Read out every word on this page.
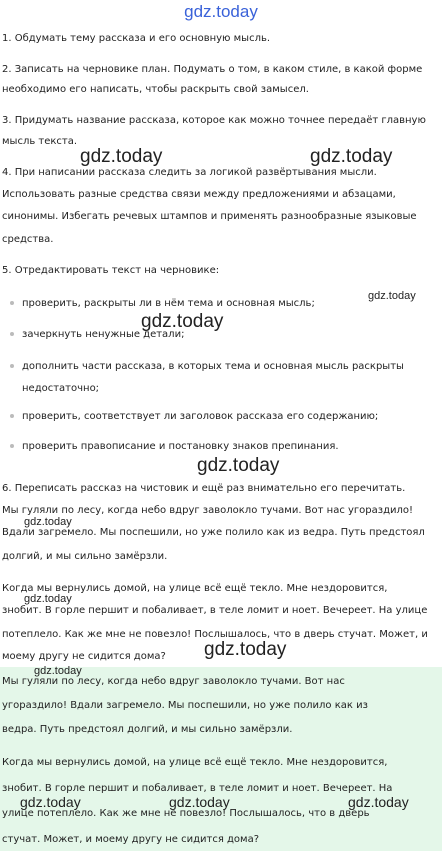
gdz.today
1. Обдумать тему рассказа и его основную мысль.
2. Записать на черновике план. Подумать о том, в каком стиле, в какой форме
необходимо его написать, чтобы раскрыть свой замысел.
3. Придумать название рассказа, которое как можно точнее передаёт главную
мысль текста.
4. При написании рассказа следить за логикой развёртывания мысли.
Использовать разные средства связи между предложениями и абзацами,
синонимы. Избегать речевых штампов и применять разнообразные языковые
средства.
5. Отредактировать текст на черновике:
проверить, раскрыты ли в нём тема и основная мысль;
зачеркнуть ненужные детали;
дополнить части рассказа, в которых тема и основная мысль раскрыты
недостаточно;
проверить, соответствует ли заголовок рассказа его содержанию;
проверить правописание и постановку знаков препинания.
6. Переписать рассказ на чистовик и ещё раз внимательно его перечитать.
Мы гуляли по лесу, когда небо вдруг заволокло тучами. Вот нас угораздило!
Вдали загремело. Мы поспешили, но уже полило как из ведра. Путь предстоял
долгий, и мы сильно замёрзли.
Когда мы вернулись домой, на улице всё ещё текло. Мне нездоровится,
знобит. В горле першит и побаливает, в теле ломит и ноет. Вечереет. На улице
потеплело. Как же мне не повезло! Послышалось, что в дверь стучат. Может, и
моему другу не сидится дома?
Мы гуляли по лесу, когда небо вдруг заволокло тучами. Вот нас
угораздило! Вдали загремело. Мы поспешили, но уже полило как из
ведра. Путь предстоял долгий, и мы сильно замёрзли.
Когда мы вернулись домой, на улице всё ещё текло. Мне нездоровится,
знобит. В горле першит и побаливает, в теле ломит и ноет. Вечереет. На
улице потеплело. Как же мне не повезло! Послышалось, что в дверь
стучат. Может, и моему другу не сидится дома?
gdz.today	gdz.today
gdz.today
gdz.today
gdz.today
gdz.today
gdz.today
gdz.today
gdz.today
gdz.today	gdz.today	gdz.today
